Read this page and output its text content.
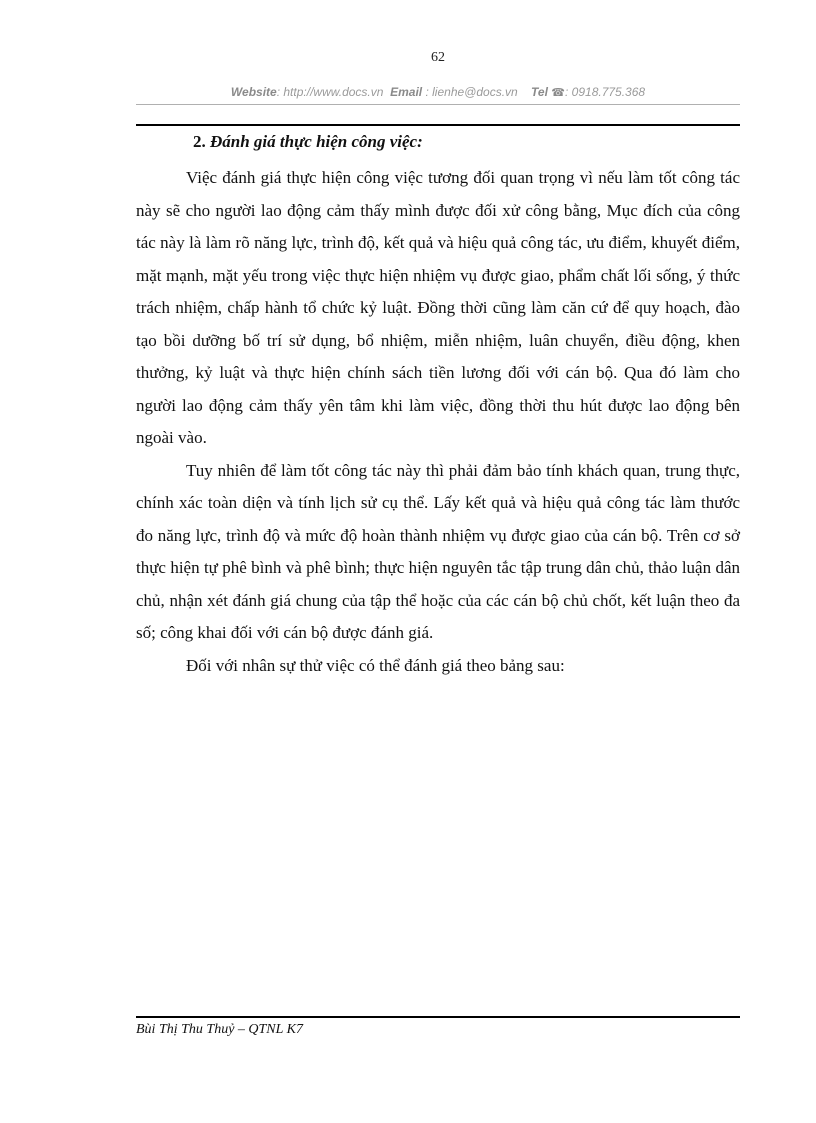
62
Website: http://www.docs.vn Email : lienhe@docs.vn Tel ☎: 0918.775.368
2. Đánh giá thực hiện công việc:

Việc đánh giá thực hiện công việc tương đối quan trọng vì nếu làm tốt công tác này sẽ cho người lao động cảm thấy mình được đối xử công bằng, Mục đích của công tác này là làm rõ năng lực, trình độ, kết quả và hiệu quả công tác, ưu điểm, khuyết điểm, mặt mạnh, mặt yếu trong việc thực hiện nhiệm vụ được giao, phẩm chất lối sống, ý thức trách nhiệm, chấp hành tổ chức kỷ luật. Đồng thời cũng làm căn cứ để quy hoạch, đào tạo bồi dưỡng bố trí sử dụng, bổ nhiệm, miễn nhiệm, luân chuyển, điều động, khen thưởng, kỷ luật và thực hiện chính sách tiền lương đối với cán bộ. Qua đó làm cho người lao động cảm thấy yên tâm khi làm việc, đồng thời thu hút được lao động bên ngoài vào.

Tuy nhiên để làm tốt công tác này thì phải đảm bảo tính khách quan, trung thực, chính xác toàn diện và tính lịch sử cụ thể. Lấy kết quả và hiệu quả công tác làm thước đo năng lực, trình độ và mức độ hoàn thành nhiệm vụ được giao của cán bộ. Trên cơ sở thực hiện tự phê bình và phê bình; thực hiện nguyên tắc tập trung dân chủ, thảo luận dân chủ, nhận xét đánh giá chung của tập thể hoặc của các cán bộ chủ chốt, kết luận theo đa số; công khai đối với cán bộ được đánh giá.

Đối với nhân sự thử việc có thể đánh giá theo bảng sau:

Bùi Thị Thu Thuỷ – QTNL K7
